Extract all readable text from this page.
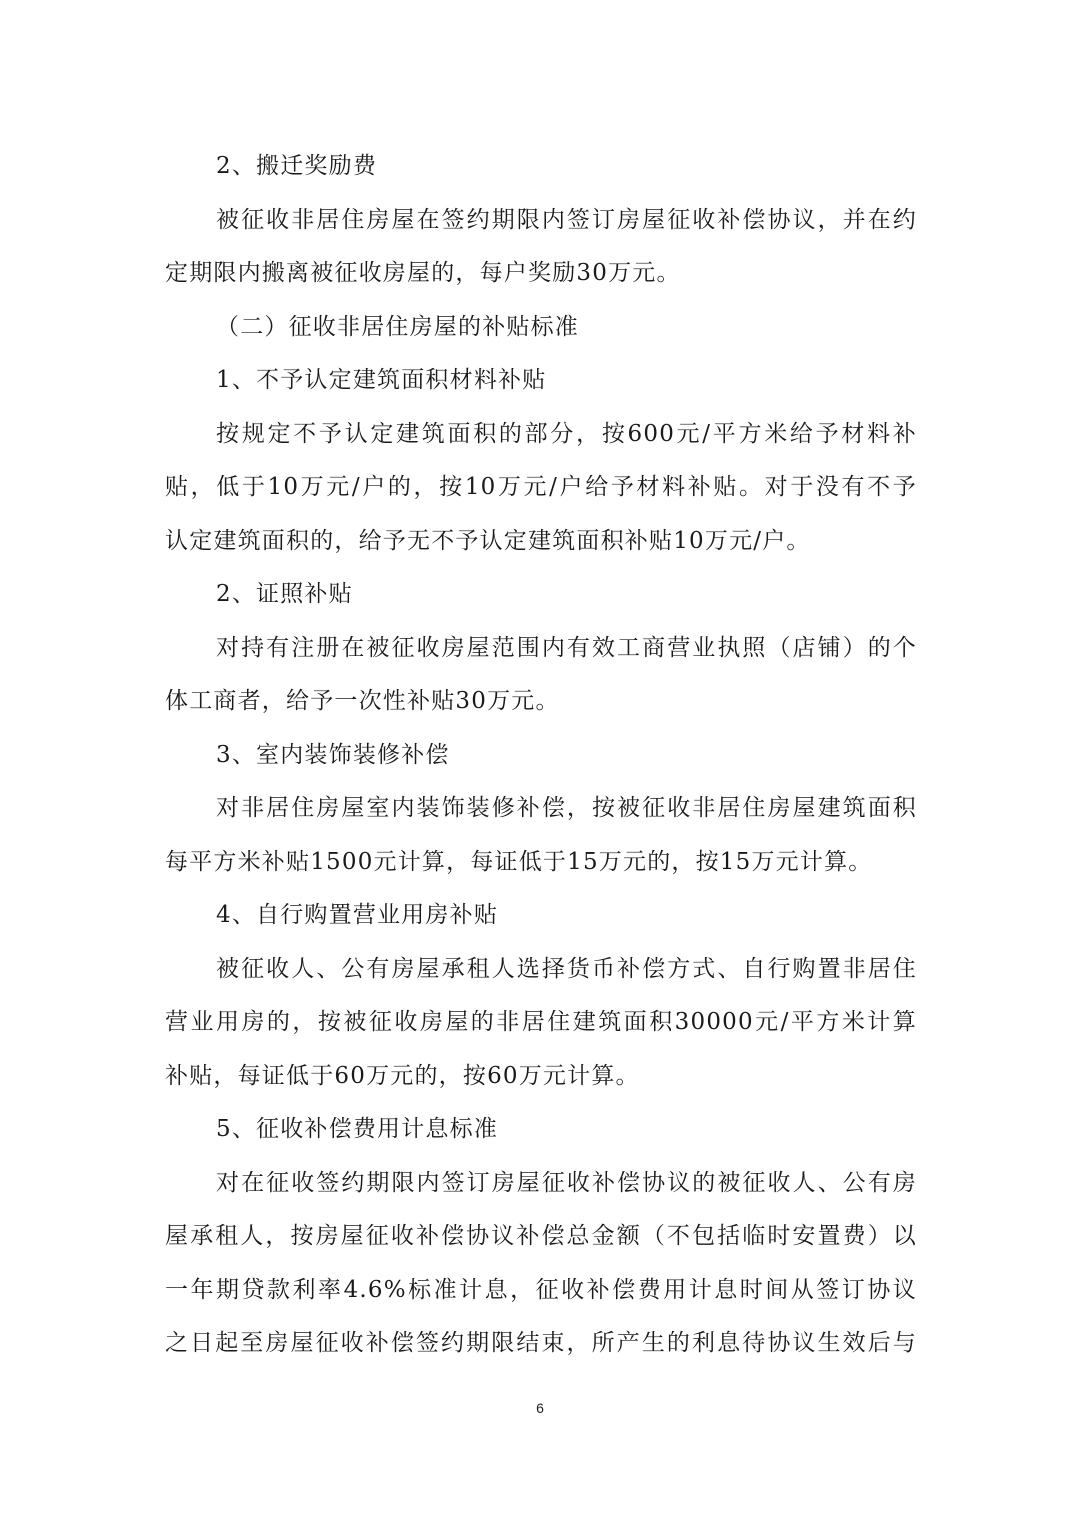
2、搬迁奖励费
被征收非居住房屋在签约期限内签订房屋征收补偿协议，并在约
定期限内搬离被征收房屋的，每户奖励30万元。
（二）征收非居住房屋的补贴标准
1、不予认定建筑面积材料补贴
按规定不予认定建筑面积的部分，按600元/平方米给予材料补
贴，低于10万元/户的，按10万元/户给予材料补贴。对于没有不予
认定建筑面积的，给予无不予认定建筑面积补贴10万元/户。
2、证照补贴
对持有注册在被征收房屋范围内有效工商营业执照（店铺）的个
体工商者，给予一次性补贴30万元。
3、室内装饰装修补偿
对非居住房屋室内装饰装修补偿，按被征收非居住房屋建筑面积
每平方米补贴1500元计算，每证低于15万元的，按15万元计算。
4、自行购置营业用房补贴
被征收人、公有房屋承租人选择货币补偿方式、自行购置非居住
营业用房的，按被征收房屋的非居住建筑面积30000元/平方米计算
补贴，每证低于60万元的，按60万元计算。
5、征收补偿费用计息标准
对在征收签约期限内签订房屋征收补偿协议的被征收人、公有房
屋承租人，按房屋征收补偿协议补偿总金额（不包括临时安置费）以
一年期贷款利率4.6%标准计息，征收补偿费用计息时间从签订协议
之日起至房屋征收补偿签约期限结束，所产生的利息待协议生效后与
6
